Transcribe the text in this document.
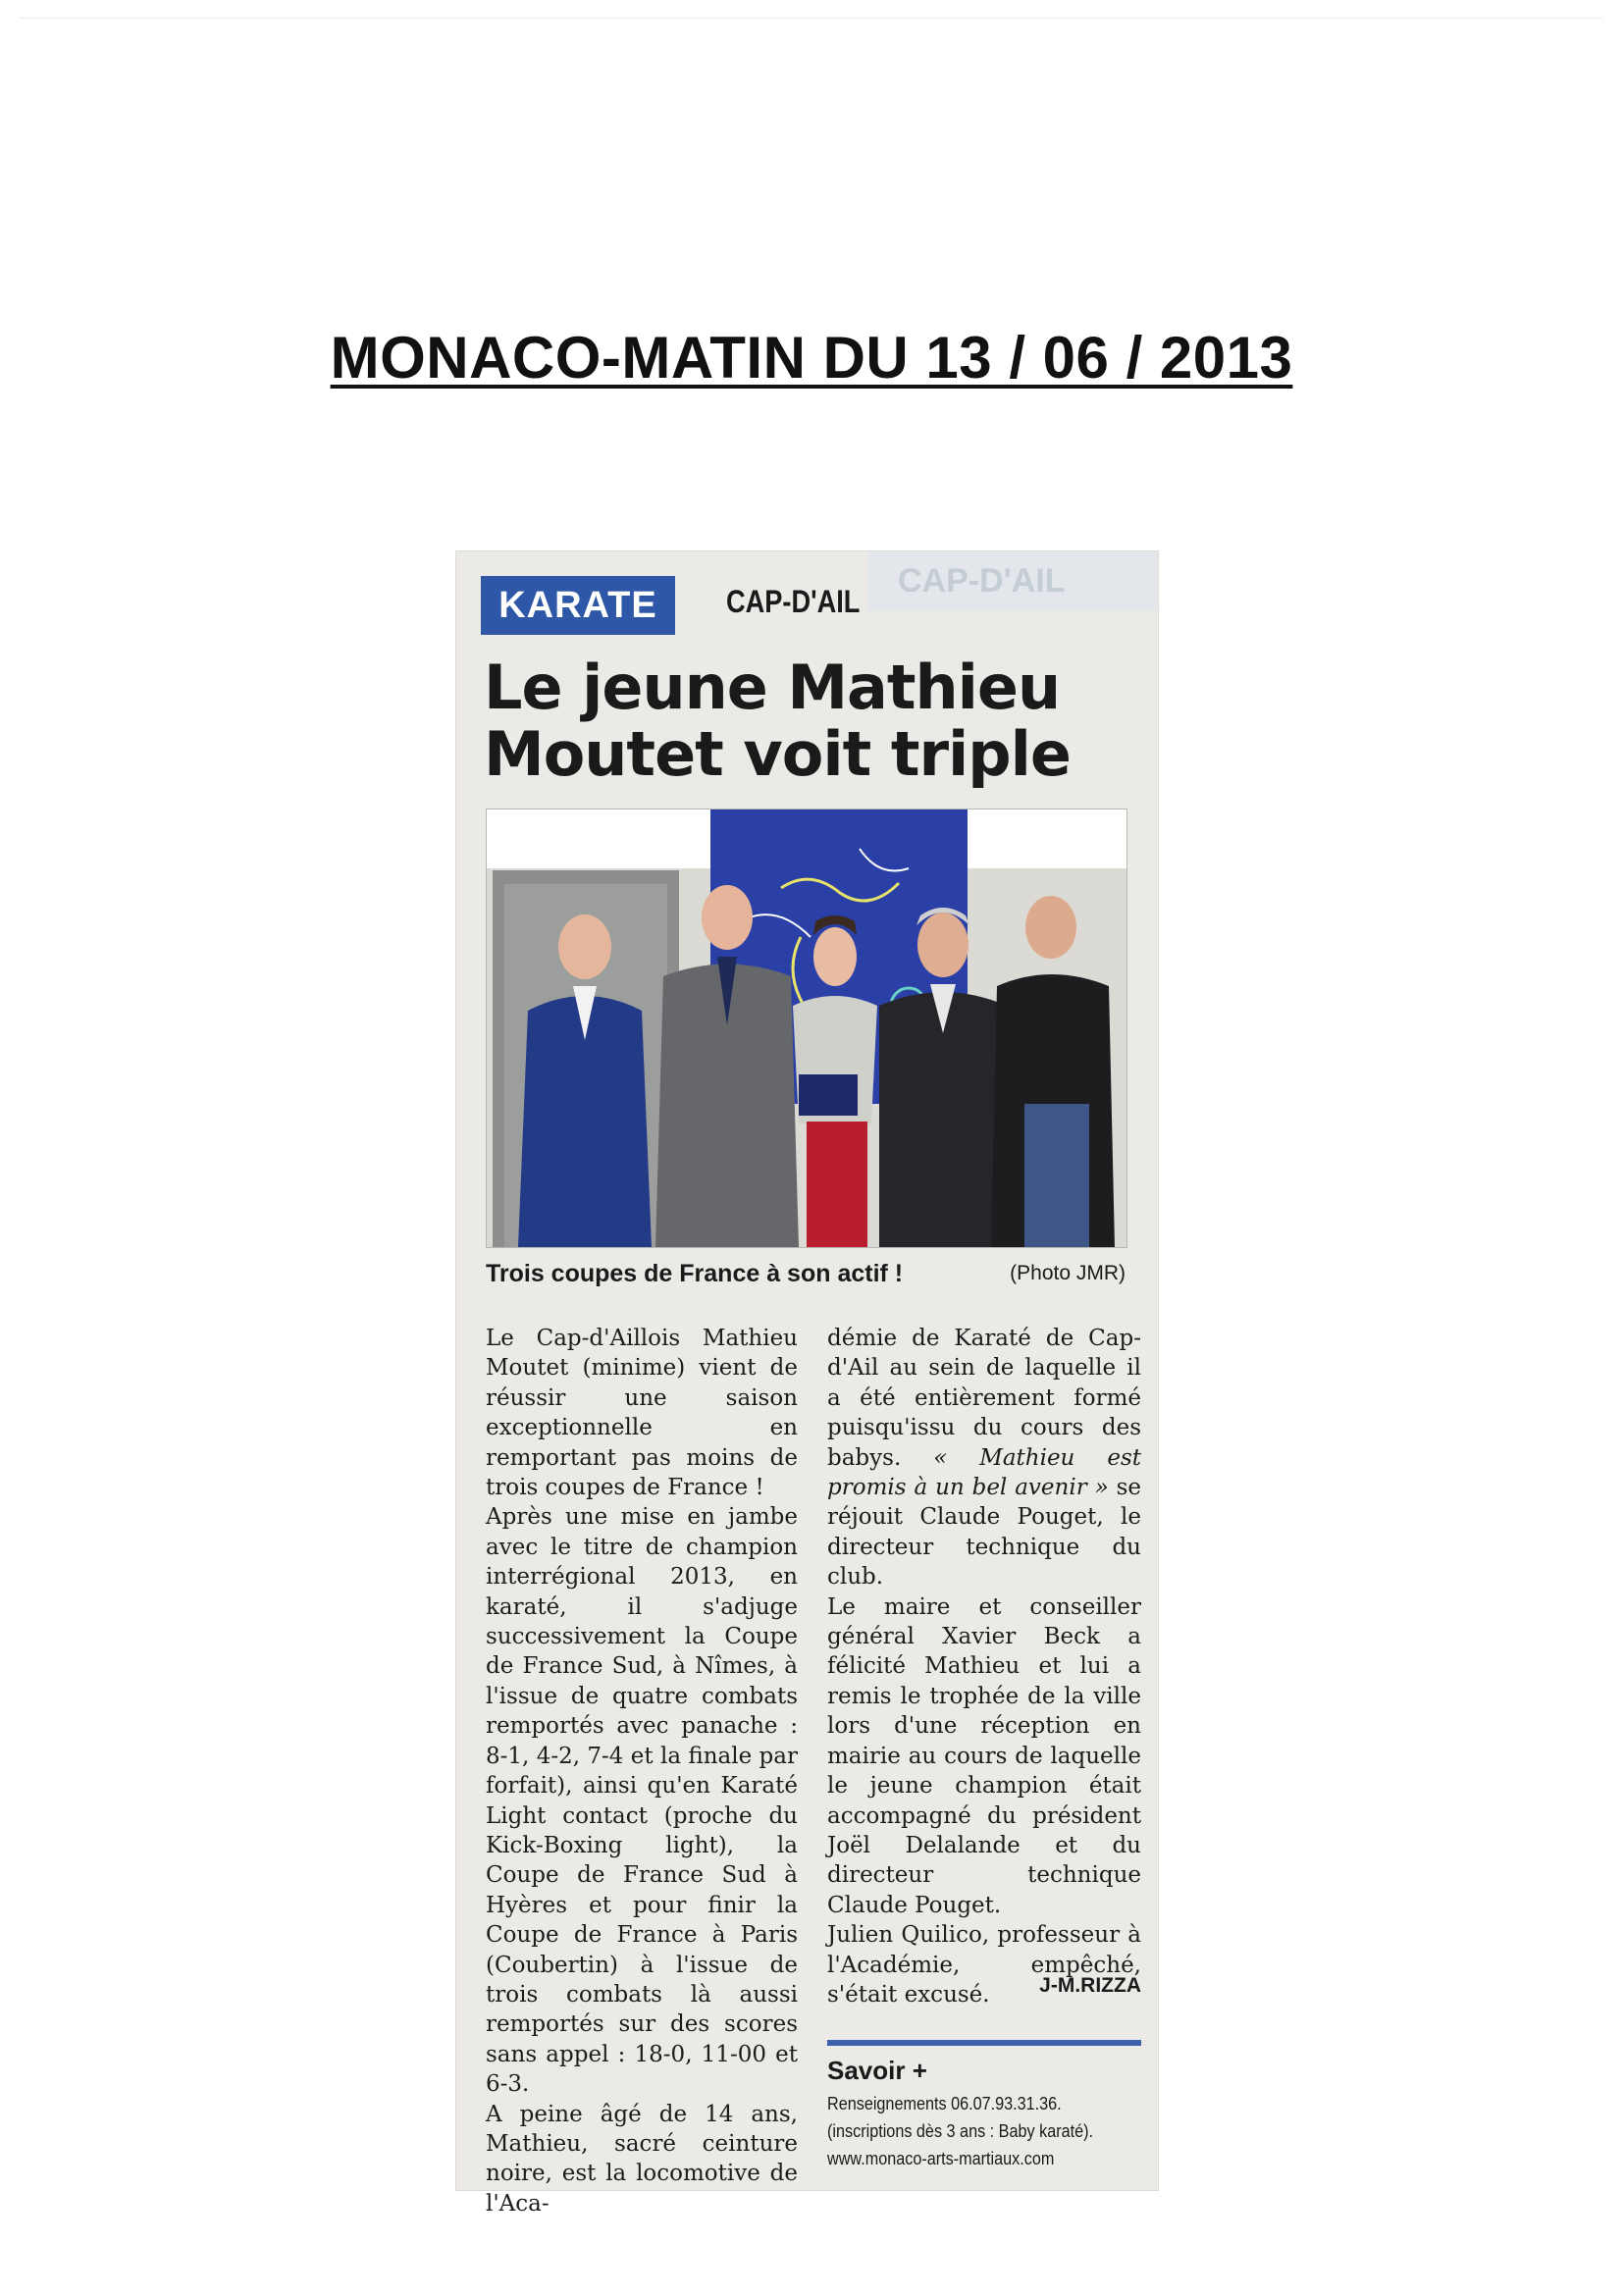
MONACO-MATIN DU 13 / 06 / 2013
CAP-D'AIL
KARATE	CAP-D'AIL
Le jeune Mathieu Moutet voit triple
Trois coupes de France à son actif !	(Photo JMR)

Le Cap-d'Aillois Mathieu Moutet (minime) vient de réussir une saison exceptionnelle en remportant pas moins de trois coupes de France !

Après une mise en jambe avec le titre de champion interrégional 2013, en karaté, il s'adjuge successivement la Coupe de France Sud, à Nîmes, à l'issue de quatre combats remportés avec panache : 8-1, 4-2, 7-4 et la finale par forfait), ainsi qu'en Karaté Light contact (proche du Kick-Boxing light), la Coupe de France Sud à Hyères et pour finir la Coupe de France à Paris (Coubertin) à l'issue de trois combats là aussi remportés sur des scores sans appel : 18-0, 11-00 et 6-3.

A peine âgé de 14 ans, Mathieu, sacré ceinture noire, est la locomotive de l'Aca-

démie de Karaté de Cap-d'Ail au sein de laquelle il a été entièrement formé puisqu'issu du cours des babys. « Mathieu est promis à un bel avenir » se réjouit Claude Pouget, le directeur technique du club.

Le maire et conseiller général Xavier Beck a félicité Mathieu et lui a remis le trophée de la ville lors d'une réception en mairie au cours de laquelle le jeune champion était accompagné du président Joël Delalande et du directeur technique Claude Pouget.

Julien Quilico, professeur à l'Académie, empêché, s'était excusé.	J-M.RIZZA
Savoir +
Renseignements 06.07.93.31.36.
(inscriptions dès 3 ans : Baby karaté).
www.monaco-arts-martiaux.com
